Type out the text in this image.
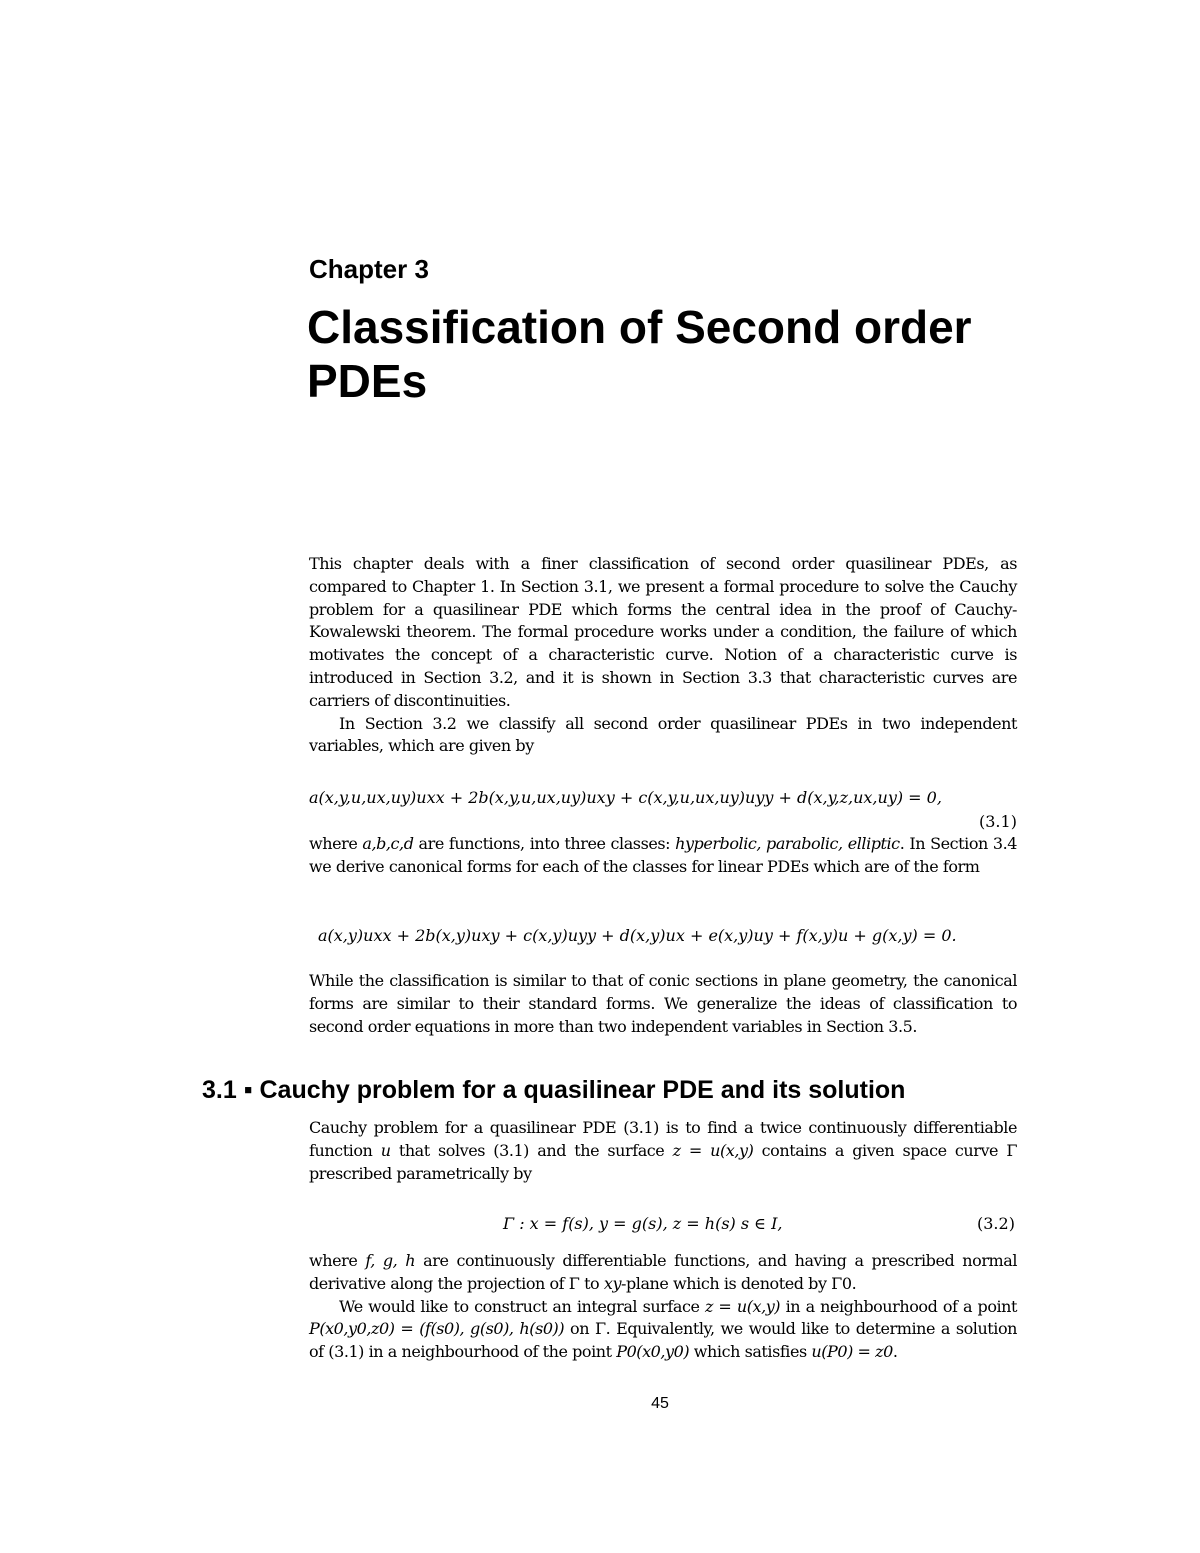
Chapter 3
Classification of Second order PDEs

This chapter deals with a finer classification of second order quasilinear PDEs, as compared to Chapter 1. In Section 3.1, we present a formal procedure to solve the Cauchy problem for a quasilinear PDE which forms the central idea in the proof of Cauchy-Kowalewski theorem. The formal procedure works under a condition, the failure of which motivates the concept of a characteristic curve. Notion of a characteristic curve is introduced in Section 3.2, and it is shown in Section 3.3 that characteristic curves are carriers of discontinuities.

In Section 3.2 we classify all second order quasilinear PDEs in two independent variables, which are given by

a(x,y,u,ux,uy)uxx + 2b(x,y,u,ux,uy)uxy + c(x,y,u,ux,uy)uyy + d(x,y,z,ux,uy) = 0,
(3.1)

where a,b,c,d are functions, into three classes: hyperbolic, parabolic, elliptic. In Section 3.4 we derive canonical forms for each of the classes for linear PDEs which are of the form

a(x,y)uxx + 2b(x,y)uxy + c(x,y)uyy + d(x,y)ux + e(x,y)uy + f(x,y)u + g(x,y) = 0.

While the classification is similar to that of conic sections in plane geometry, the canonical forms are similar to their standard forms. We generalize the ideas of classification to second order equations in more than two independent variables in Section 3.5.

3.1 ▪ Cauchy problem for a quasilinear PDE and its solution

Cauchy problem for a quasilinear PDE (3.1) is to find a twice continuously differentiable function u that solves (3.1) and the surface z = u(x,y) contains a given space curve Γ prescribed parametrically by

Γ : x = f(s), y = g(s), z = h(s) s ∈ I,	(3.2)

where f, g, h are continuously differentiable functions, and having a prescribed normal derivative along the projection of Γ to xy-plane which is denoted by Γ0.

We would like to construct an integral surface z = u(x,y) in a neighbourhood of a point P(x0,y0,z0) = (f(s0), g(s0), h(s0)) on Γ. Equivalently, we would like to determine a solution of (3.1) in a neighbourhood of the point P0(x0,y0) which satisfies u(P0) = z0.

45
